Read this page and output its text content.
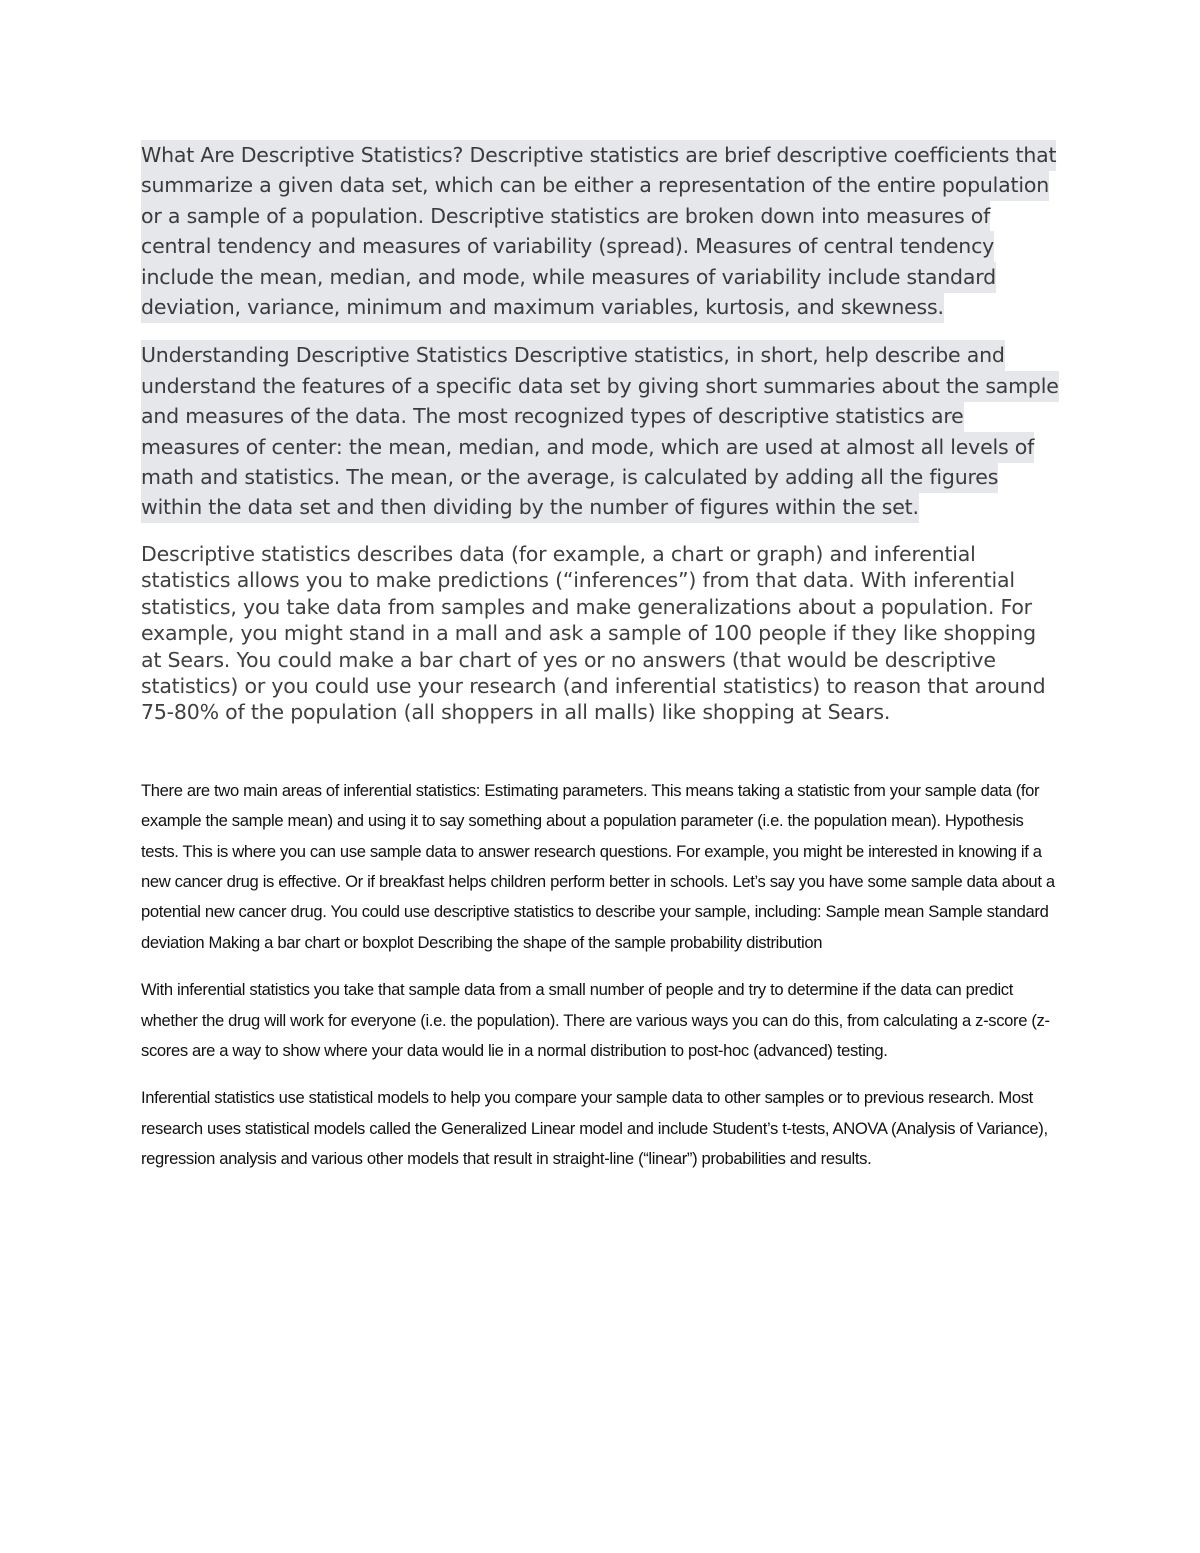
What Are Descriptive Statistics? Descriptive statistics are brief descriptive coefficients that summarize a given data set, which can be either a representation of the entire population or a sample of a population. Descriptive statistics are broken down into measures of central tendency and measures of variability (spread). Measures of central tendency include the mean, median, and mode, while measures of variability include standard deviation, variance, minimum and maximum variables, kurtosis, and skewness.

Understanding Descriptive Statistics Descriptive statistics, in short, help describe and understand the features of a specific data set by giving short summaries about the sample and measures of the data. The most recognized types of descriptive statistics are measures of center: the mean, median, and mode, which are used at almost all levels of math and statistics. The mean, or the average, is calculated by adding all the figures within the data set and then dividing by the number of figures within the set.

Descriptive statistics describes data (for example, a chart or graph) and inferential statistics allows you to make predictions (“inferences”) from that data. With inferential statistics, you take data from samples and make generalizations about a population. For example, you might stand in a mall and ask a sample of 100 people if they like shopping at Sears. You could make a bar chart of yes or no answers (that would be descriptive statistics) or you could use your research (and inferential statistics) to reason that around 75-80% of the population (all shoppers in all malls) like shopping at Sears.

There are two main areas of inferential statistics: Estimating parameters. This means taking a statistic from your sample data (for example the sample mean) and using it to say something about a population parameter (i.e. the population mean). Hypothesis tests. This is where you can use sample data to answer research questions. For example, you might be interested in knowing if a new cancer drug is effective. Or if breakfast helps children perform better in schools. Let’s say you have some sample data about a potential new cancer drug. You could use descriptive statistics to describe your sample, including: Sample mean Sample standard deviation Making a bar chart or boxplot Describing the shape of the sample probability distribution

With inferential statistics you take that sample data from a small number of people and try to determine if the data can predict whether the drug will work for everyone (i.e. the population). There are various ways you can do this, from calculating a z-score (z-scores are a way to show where your data would lie in a normal distribution to post-hoc (advanced) testing.

Inferential statistics use statistical models to help you compare your sample data to other samples or to previous research. Most research uses statistical models called the Generalized Linear model and include Student’s t-tests, ANOVA (Analysis of Variance), regression analysis and various other models that result in straight-line (“linear”) probabilities and results.
